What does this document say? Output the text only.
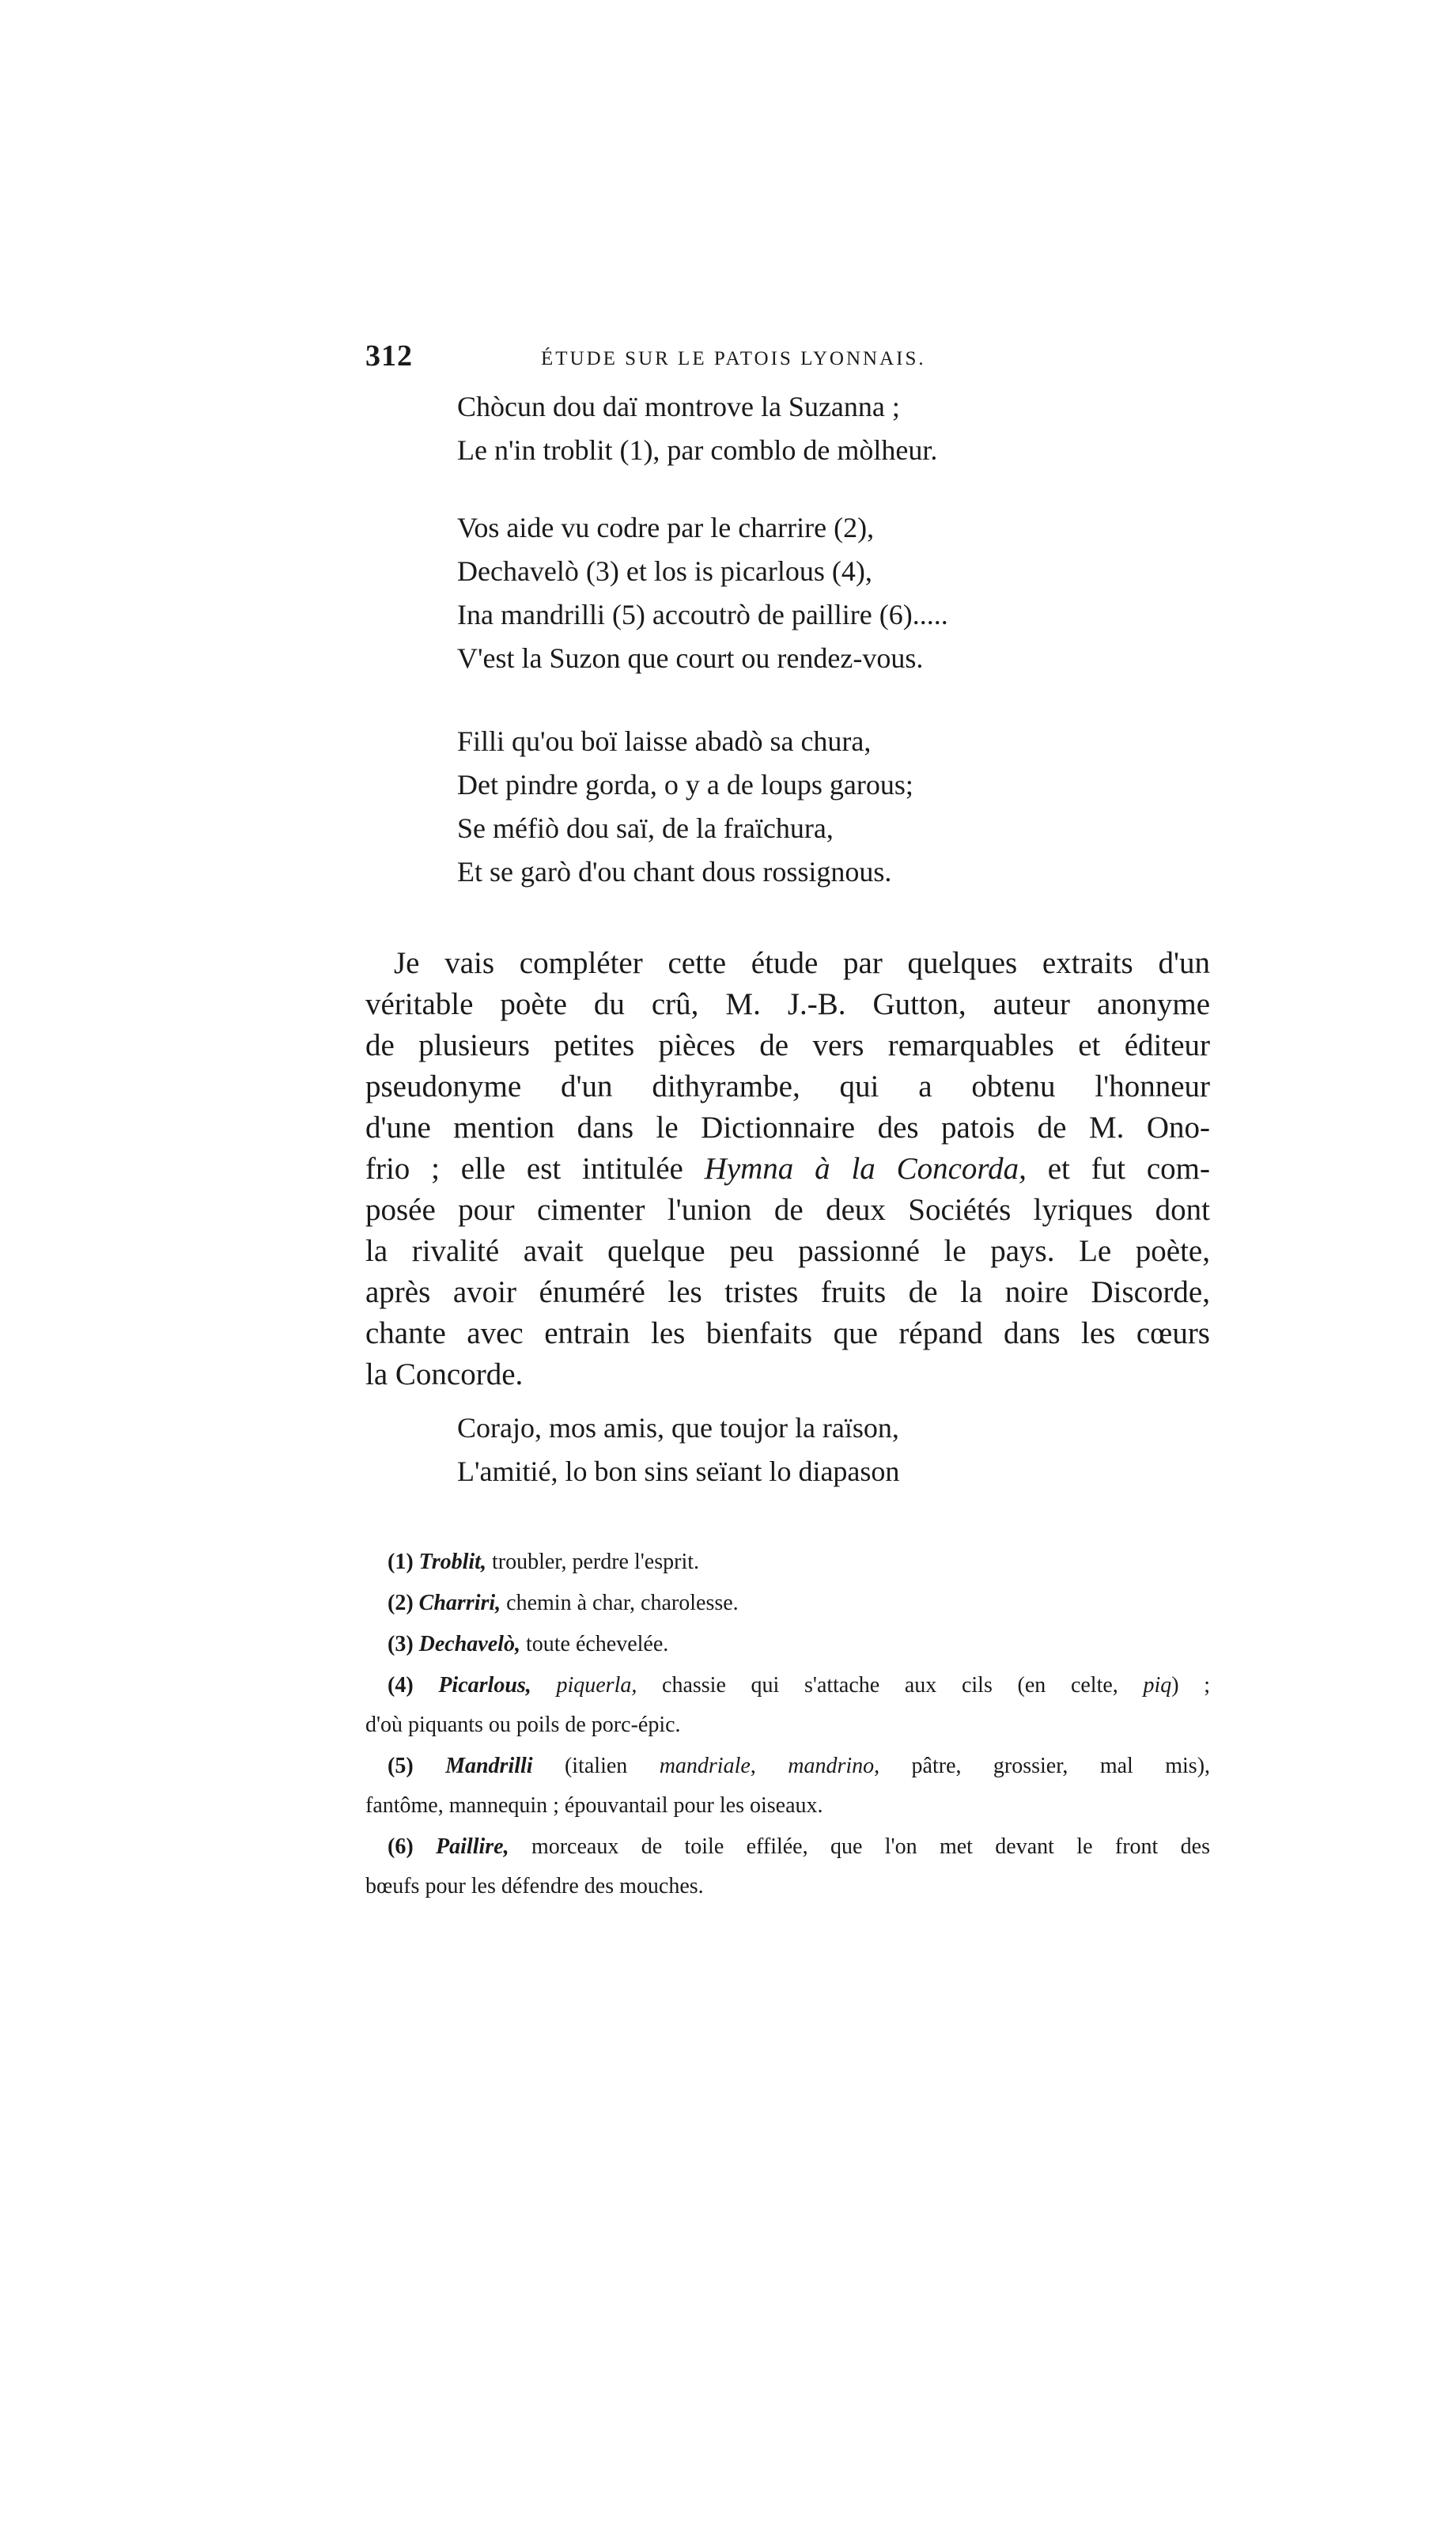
312	ÉTUDE SUR LE PATOIS LYONNAIS.
Chòcun dou daï montrove la Suzanna ;
Le n'in troblit (1), par comblo de mòlheur.
Vos aide vu codre par le charrire (2),
Dechavelò (3) et los is picarlous (4),
Ina mandrilli (5) accoutrò de paillire (6).....
V'est la Suzon que court ou rendez-vous.
Filli qu'ou boï laisse abadò sa chura,
Det pindre gorda, o y a de loups garous;
Se méfiò dou saï, de la fraïchura,
Et se garò d'ou chant dous rossignous.
Je vais compléter cette étude par quelques extraits d'un
véritable poète du crû, M. J.-B. Gutton, auteur anonyme
de plusieurs petites pièces de vers remarquables et éditeur
pseudonyme d'un dithyrambe, qui a obtenu l'honneur
d'une mention dans le Dictionnaire des patois de M. Ono-
frio ; elle est intitulée Hymna à la Concorda, et fut com-
posée pour cimenter l'union de deux Sociétés lyriques dont
la rivalité avait quelque peu passionné le pays. Le poète,
après avoir énuméré les tristes fruits de la noire Discorde,
chante avec entrain les bienfaits que répand dans les cœurs
la Concorde.
Corajo, mos amis, que toujor la raïson,
L'amitié, lo bon sins seïant lo diapason
(1) Troblit, troubler, perdre l'esprit.
(2) Charriri, chemin à char, charolesse.
(3) Dechavelò, toute échevelée.
(4) Picarlous, piquerla, chassie qui s'attache aux cils (en celte, piq) ;
d'où piquants ou poils de porc-épic.
(5) Mandrilli (italien mandriale, mandrino, pâtre, grossier, mal mis),
fantôme, mannequin ; épouvantail pour les oiseaux.
(6) Paillire, morceaux de toile effilée, que l'on met devant le front des
bœufs pour les défendre des mouches.
